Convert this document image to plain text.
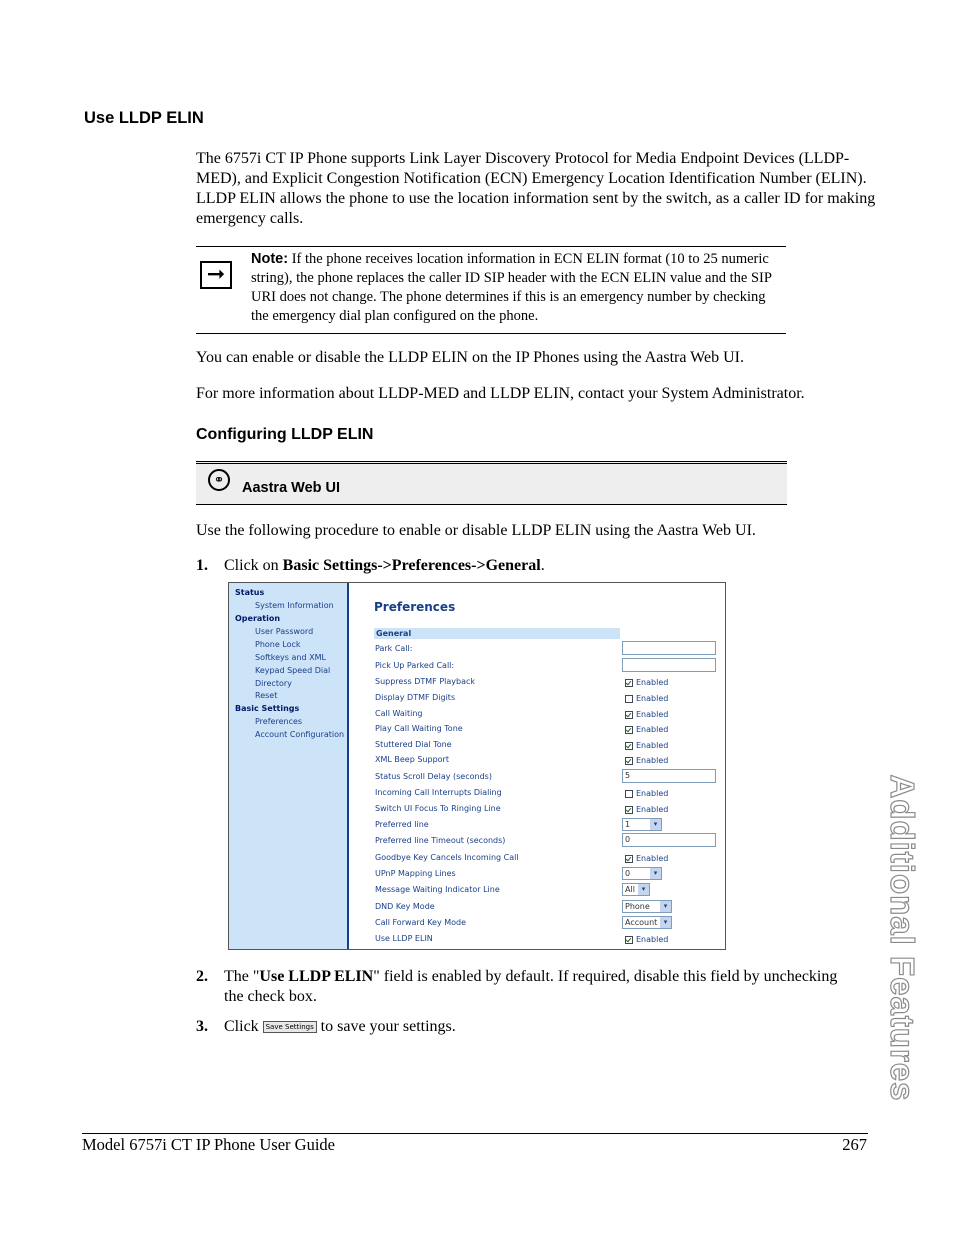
Use LLDP ELIN
The 6757i CT IP Phone supports Link Layer Discovery Protocol for Media Endpoint Devices (LLDP-MED), and Explicit Congestion Notification (ECN) Emergency Location Identification Number (ELIN). LLDP ELIN allows the phone to use the location information sent by the switch, as a caller ID for making emergency calls.
➞
Note: If the phone receives location information in ECN ELIN format (10 to 25 numeric string), the phone replaces the caller ID SIP header with the ECN ELIN value and the SIP URI does not change. The phone determines if this is an emergency number by checking the emergency dial plan configured on the phone.
You can enable or disable the LLDP ELIN on the IP Phones using the Aastra Web UI.
For more information about LLDP-MED and LLDP ELIN, contact your System Administrator.
Configuring LLDP ELIN
⚭	Aastra Web UI
Use the following procedure to enable or disable LLDP ELIN using the Aastra Web UI.
1. Click on Basic Settings->Preferences->General.
Status
System Information
Operation
User Password
Phone Lock
Softkeys and XML
Keypad Speed Dial
Directory
Reset
Basic Settings
Preferences
Account Configuration
Preferences
General
Park Call:
Pick Up Parked Call:
Suppress DTMF Playback	Enabled
Display DTMF Digits	Enabled
Call Waiting	Enabled
Play Call Waiting Tone	Enabled
Stuttered Dial Tone	Enabled
XML Beep Support	Enabled
Status Scroll Delay (seconds)	5
Incoming Call Interrupts Dialing	Enabled
Switch UI Focus To Ringing Line	Enabled
Preferred line	1	▾
Preferred line Timeout (seconds)	0
Goodbye Key Cancels Incoming Call	Enabled
UPnP Mapping Lines	0	▾
Message Waiting Indicator Line	All ▾
DND Key Mode	Phone	▾
Call Forward Key Mode	Account ▾
Use LLDP ELIN	Enabled
2. The "Use LLDP ELIN" field is enabled by default. If required, disable this field by unchecking the check box.
3. Click Save Settings to save your settings.	Additional Features
Model 6757i CT IP Phone User Guide	267
